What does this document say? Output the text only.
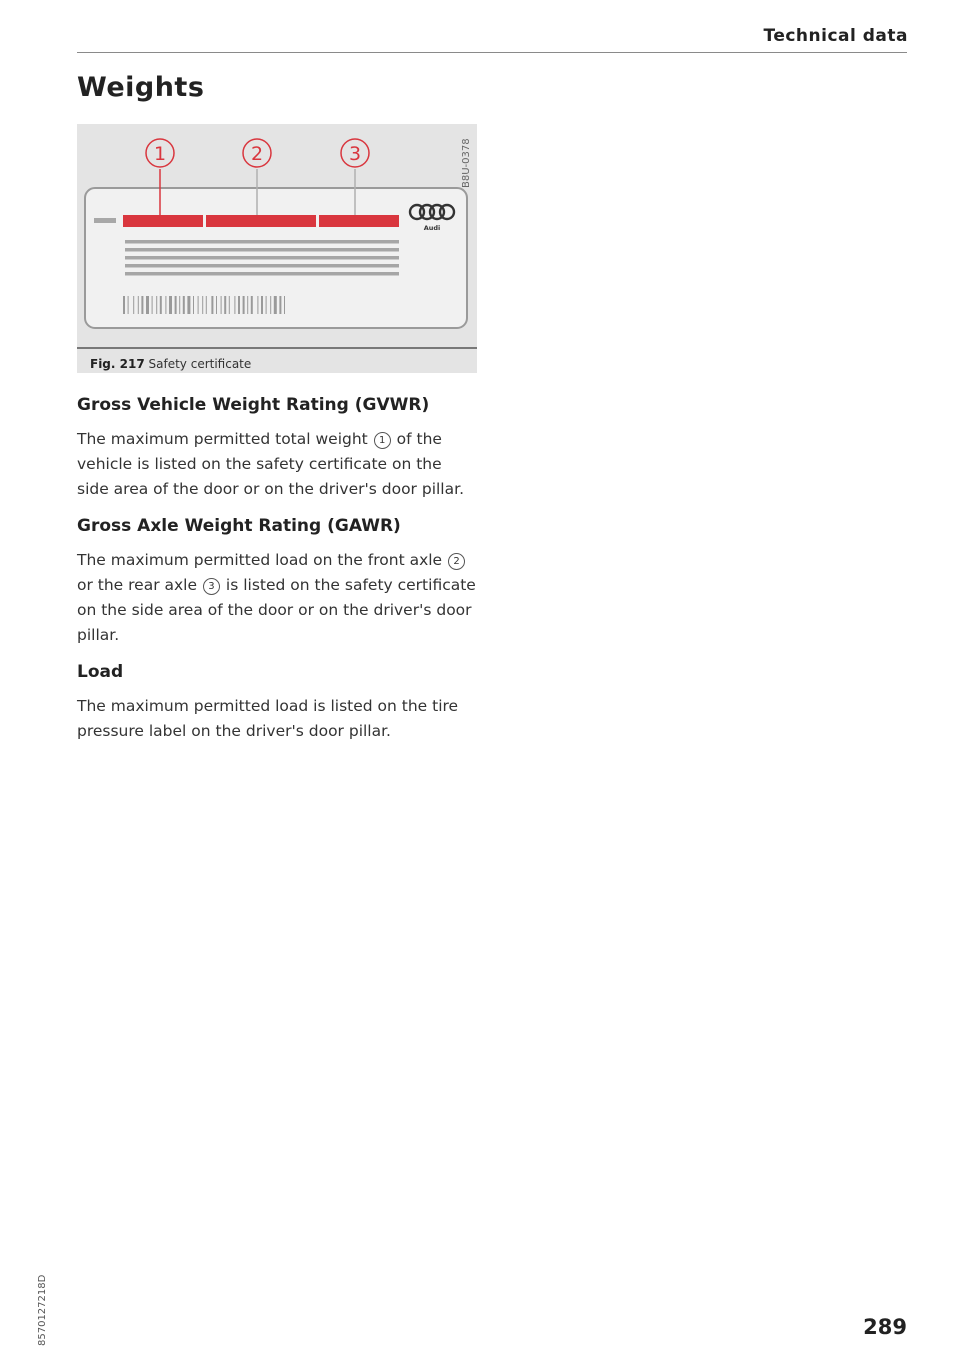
Technical data
Weights
1	2	3
Audi
Fig. 217 Safety certificate
B8U-0378
Gross Vehicle Weight Rating (GVWR)

The maximum permitted total weight 1 of the vehicle is listed on the safety certificate on the side area of the door or on the driver's door pillar.

Gross Axle Weight Rating (GAWR)

The maximum permitted load on the front axle 2 or the rear axle 3 is listed on the safety certificate on the side area of the door or on the driver's door pillar.

Load

The maximum permitted load is listed on the tire pressure label on the driver's door pillar.

8570127218D	289
